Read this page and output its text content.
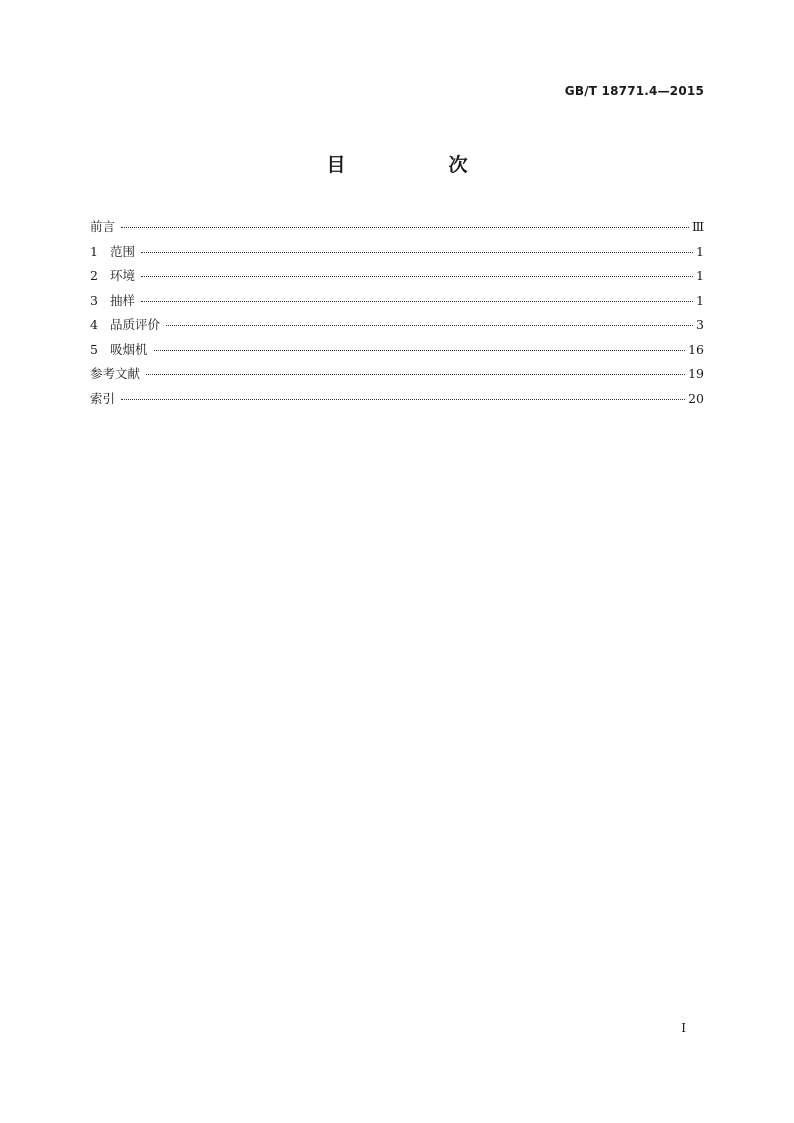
GB/T 18771.4—2015
目　次
前言	Ⅲ
1 范围	1
2 环境	1
3 抽样	1
4 品质评价	3
5 吸烟机	16
参考文献	19
索引	20
I
